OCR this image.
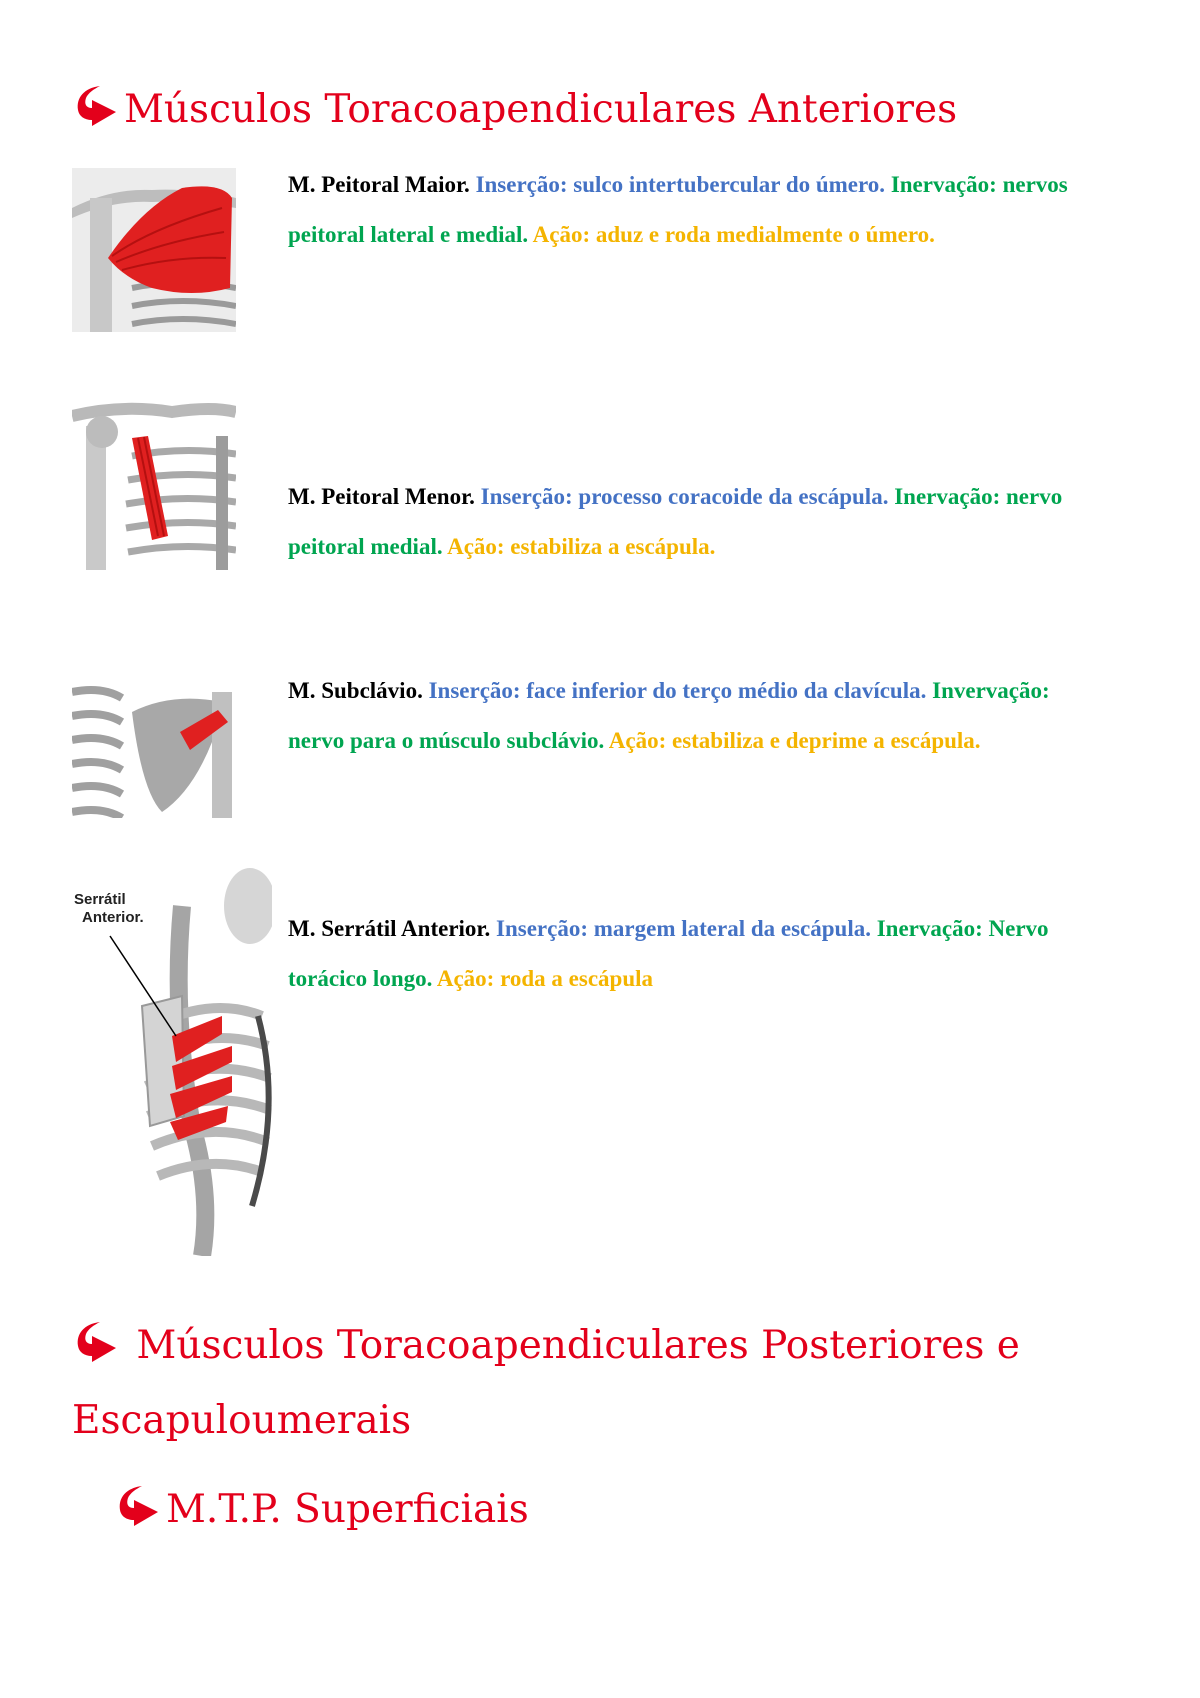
Músculos Toracoapendiculares Anteriores

M. Peitoral Maior. Inserção: sulco intertubercular do úmero. Inervação: nervos peitoral lateral e medial. Ação: aduz e roda medialmente o úmero.

M. Peitoral Menor. Inserção: processo coracoide da escápula. Inervação: nervo peitoral medial. Ação: estabiliza a escápula.

M. Subclávio. Inserção: face inferior do terço médio da clavícula. Invervação: nervo para o músculo subclávio. Ação: estabiliza e deprime a escápula.

Serrátil
Anterior.	M. Serrátil Anterior. Inserção: margem lateral da escápula. Inervação: Nervo torácico longo. Ação: roda a escápula

Músculos Toracoapendiculares Posteriores e
Escapuloumerais
M.T.P. Superficiais
